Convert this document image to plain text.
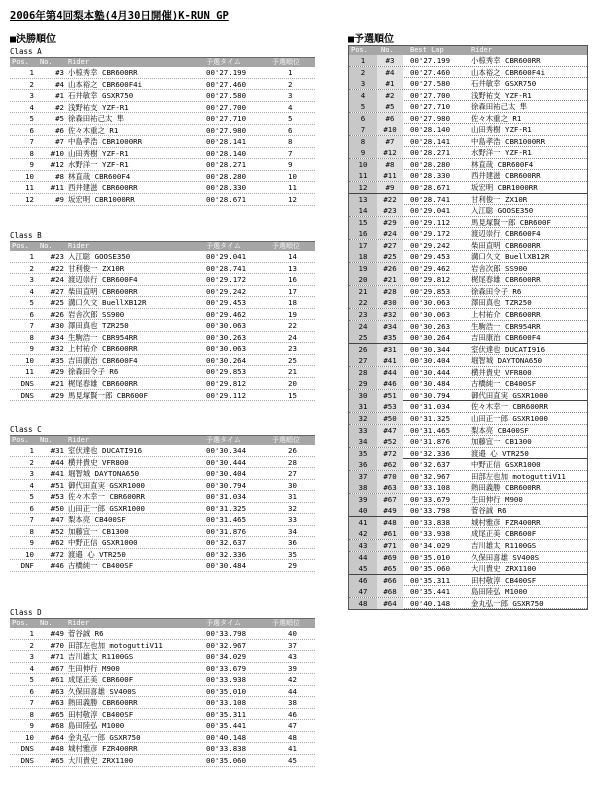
2006年第4回梨本塾(4月30日開催)K-RUN GP
■決勝順位	■予選順位
Class A
Pos. No. Rider	予選タイム	予選順位
1	#3 小椋秀幸 CBR600RR	00'27.199	1
2	#4 山本裕之 CBR600F4i	00'27.460	2
3	#1 石井敏幸 GSXR750	00'27.580	3
4	#2 浅野祐支 YZF-R1	00'27.700	4
5	#5 徐森田祐己太 隼	00'27.710	5
6	#6 佐々木重之 R1	00'27.980	6
7	#7 中島孝浩 CBR1000RR	00'28.141	8
8	#10 山田秀樹 YZF-R1	00'28.140	7
9	#12 水野洋一 YZF-R1	00'28.271	9
10	#8 林直哉 CBR600F4	00'28.280	10
11	#11 西井建滋 CBR600RR	00'28.330	11
12	#9 坂宏明 CBR1000RR	00'28.671	12
Class B
Pos. No. Rider	予選タイム	予選順位
1	#23 入江聡 GOOSE350	00'29.041	14
2	#22 甘利俊一 ZX10R	00'28.741	13
3	#24 渡辺崇行 CBR600F4	00'29.172	16
4	#27 柴田直明 CBR600RR	00'29.242	17
5	#25 溝口久文 BuellXB12R	00'29.453	18
6	#26 岩舎次郎 SS900	00'29.462	19
7	#30 澤田真也 TZR250	00'30.063	22
8	#34 生駒浩一 CBR954RR	00'30.263	24
9	#32 上村祐介 CBR600RR	00'30.063	23
10	#35 吉田康治 CBR600F4	00'30.264	25
11	#29 徐森田令子 R6	00'29.853	21
DNS	#21 梶尾春雄 CBR600RR	00'29.812	20
DNS	#29 馬見塚賢一郎 CBR600F	00'29.112	15
Class C
Pos. No. Rider	予選タイム	予選順位
1	#31 室伏達也 DUCATI916	00'30.344	26
2	#44 横井貴史 VFR800	00'30.444	28
3	#41 堀智城 DAYTONA650	00'30.404	27
4	#51 御代田直実 GSXR1000	00'30.794	30
5	#53 佐々木幸一 CBR600RR	00'31.034	31
6	#50 山田正一郎 GSXR1000	00'31.325	32
7	#47 梨本亮 CB400SF	00'31.465	33
8	#52 加藤宜一 CB1300	00'31.876	34
9	#62 中野正信 GSXR1000	00'32.637	36
10	#72 渡邉 心 VTR250	00'32.336	35
DNF	#46 古橋純一 CB400SF	00'30.484	29
Class D
Pos. No. Rider	予選タイム	予選順位
1	#49 菅谷誠 R6	00'33.798	40
2	#70 田部左也加 motoguttiV11	00'32.967	37
3	#71 吉川雄太 R1100GS	00'34.029	43
4	#67 生田伸行 M900	00'33.679	39
5	#61 成尾正美 CBR600F	00'33.938	42
6	#63 久保田喜雄 SV400S	00'35.010	44
7	#63 熱田義勝 CBR600RR	00'33.108	38
8	#65 田村敬淳 CB400SF	00'35.311	46
9	#68 島田陸弘 M1000	00'35.441	47
10	#64 金丸弘一郎 GSXR750	00'40.148	48
DNS	#48 城村雅彦 FZR400RR	00'33.838	41
DNS	#65 大川貴史 ZRX1100	00'35.060	45
Pos. No. Best Lap	Rider
1	#3	00'27.199	小椋秀幸 CBR600RR
2	#4	00'27.460	山本裕之 CBR600F4i
3	#1	00'27.580	石井敏幸 GSXR750
4	#2	00'27.700	浅野祐支 YZF-R1
5	#5	00'27.710	徐森田祐己太 隼
6	#6	00'27.980	佐々木重之 R1
7	#10	00'28.140	山田秀樹 YZF-R1
8	#7	00'28.141	中島孝浩 CBR1000RR
9	#12	00'28.271	水野洋一 YZF-R1
10	#8	00'28.280	林直哉 CBR600F4
11	#11	00'28.330	西井建滋 CBR600RR
12	#9	00'28.671	坂宏明 CBR1000RR
13	#22	00'28.741	甘利俊一 ZX10R
14	#23	00'29.041	入江聡 GOOSE350
15	#29	00'29.112	馬見塚賢一郎 CBR600F
16	#24	00'29.172	渡辺崇行 CBR600F4
17	#27	00'29.242	柴田直明 CBR600RR
18	#25	00'29.453	溝口久文 BuellXB12R
19	#26	00'29.462	岩舎次郎 SS900
20	#21	00'29.812	梶尾春雄 CBR600RR
21	#28	00'29.853	徐森田令子 R6
22	#30	00'30.063	澤田真也 TZR250
23	#32	00'30.063	上村祐介 CBR600RR
24	#34	00'30.263	生駒浩一 CBR954RR
25	#35	00'30.264	吉田康治 CBR600F4
26	#31	00'30.344	室伏達也 DUCATI916
27	#41	00'30.404	堀智城 DAYTONA650
28	#44	00'30.444	横井貴史 VFR800
29	#46	00'30.484	古橋純一 CB400SF
30	#51	00'30.794	御代田直実 GSXR1000
31	#53	00'31.034	佐々木幸一 CBR600RR
32	#50	00'31.325	山田正一郎 GSXR1000
33	#47	00'31.465	梨本亮 CB400SF
34	#52	00'31.876	加藤宜一 CB1300
35	#72	00'32.336	渡邉 心 VTR250
36	#62	00'32.637	中野正信 GSXR1000
37	#70	00'32.967	田部左也加 motoguttiV11
38	#63	00'33.108	熱田義勝 CBR600RR
39	#67	00'33.679	生田伸行 M900
40	#49	00'33.798	菅谷誠 R6
41	#48	00'33.838	城村雅彦 FZR400RR
42	#61	00'33.938	成尾正美 CBR600F
43	#71	00'34.029	吉川雄太 R1100GS
44	#69	00'35.010	久保田喜雄 SV400S
45	#65	00'35.060	大川貴史 ZRX1100
46	#66	00'35.311	田村敬淳 CB400SF
47	#68	00'35.441	島田陸弘 M1000
48	#64	00'40.148	金丸弘一郎 GSXR750
